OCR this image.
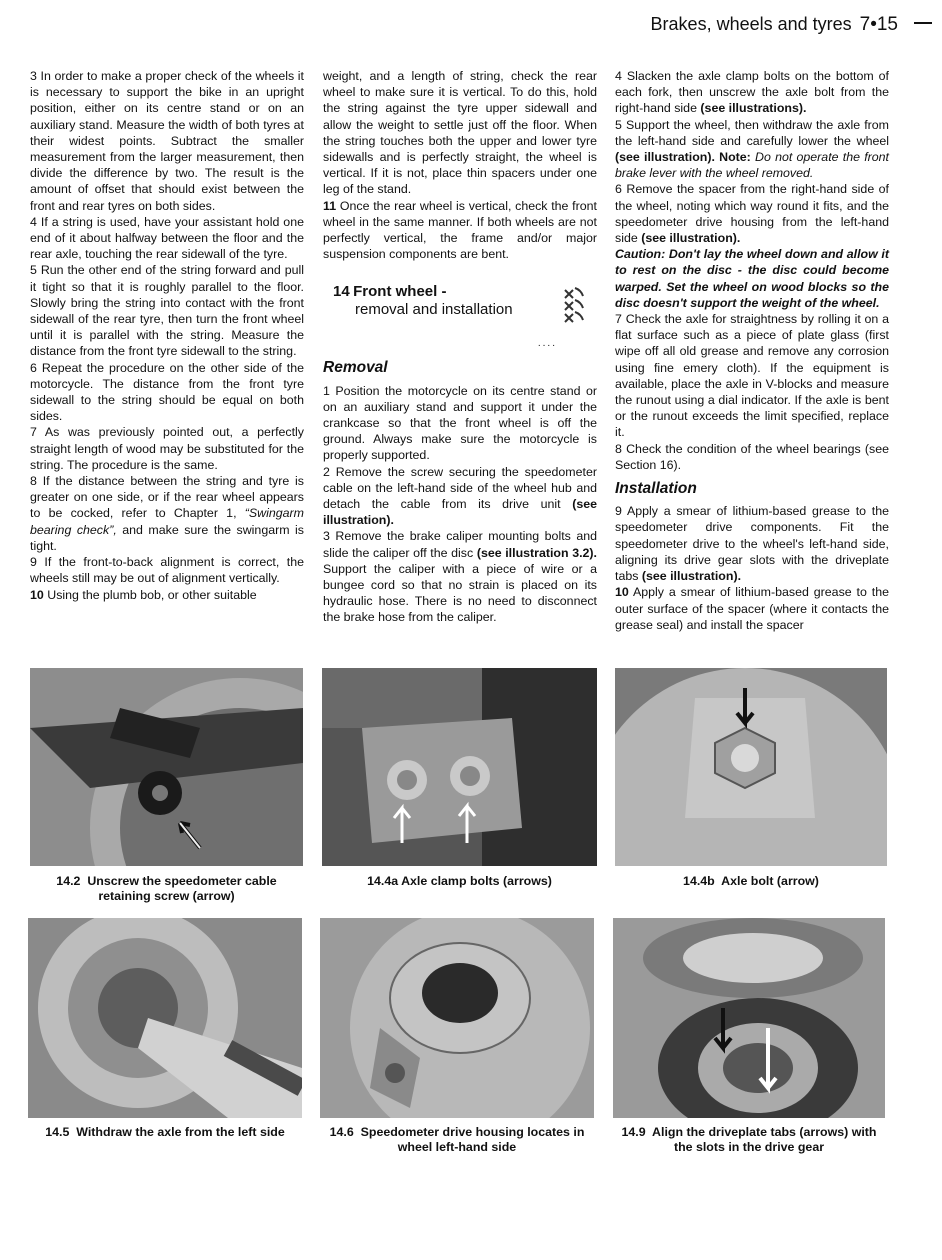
Brakes, wheels and tyres 7•15

3 In order to make a proper check of the wheels it is necessary to support the bike in an upright position, either on its centre stand or on an auxiliary stand. Measure the width of both tyres at their widest points. Subtract the smaller measurement from the larger measurement, then divide the difference by two. The result is the amount of offset that should exist between the front and rear tyres on both sides.

4 If a string is used, have your assistant hold one end of it about halfway between the floor and the rear axle, touching the rear sidewall of the tyre.

5 Run the other end of the string forward and pull it tight so that it is roughly parallel to the floor. Slowly bring the string into contact with the front sidewall of the rear tyre, then turn the front wheel until it is parallel with the string. Measure the distance from the front tyre sidewall to the string.

6 Repeat the procedure on the other side of the motorcycle. The distance from the front tyre sidewall to the string should be equal on both sides.

7 As was previously pointed out, a perfectly straight length of wood may be substituted for the string. The procedure is the same.

8 If the distance between the string and tyre is greater on one side, or if the rear wheel appears to be cocked, refer to Chapter 1, “Swingarm bearing check”, and make sure the swingarm is tight.

9 If the front-to-back alignment is correct, the wheels still may be out of alignment vertically.

10 Using the plumb bob, or other suitable

weight, and a length of string, check the rear wheel to make sure it is vertical. To do this, hold the string against the tyre upper sidewall and allow the weight to settle just off the floor. When the string touches both the upper and lower tyre sidewalls and is perfectly straight, the wheel is vertical. If it is not, place thin spacers under one leg of the stand.

11 Once the rear wheel is vertical, check the front wheel in the same manner. If both wheels are not perfectly vertical, the frame and/or major suspension components are bent.

14 Front wheel -
removal and installation
....
Removal

1 Position the motorcycle on its centre stand or on an auxiliary stand and support it under the crankcase so that the front wheel is off the ground. Always make sure the motorcycle is properly supported.

2 Remove the screw securing the speedometer cable on the left-hand side of the wheel hub and detach the cable from its drive unit (see illustration).

3 Remove the brake caliper mounting bolts and slide the caliper off the disc (see illustration 3.2). Support the caliper with a piece of wire or a bungee cord so that no strain is placed on its hydraulic hose. There is no need to disconnect the brake hose from the caliper.

4 Slacken the axle clamp bolts on the bottom of each fork, then unscrew the axle bolt from the right-hand side (see illustrations).

5 Support the wheel, then withdraw the axle from the left-hand side and carefully lower the wheel (see illustration). Note: Do not operate the front brake lever with the wheel removed.

6 Remove the spacer from the right-hand side of the wheel, noting which way round it fits, and the speedometer drive housing from the left-hand side (see illustration).

Caution: Don't lay the wheel down and allow it to rest on the disc - the disc could become warped. Set the wheel on wood blocks so the disc doesn't support the weight of the wheel.

7 Check the axle for straightness by rolling it on a flat surface such as a piece of plate glass (first wipe off all old grease and remove any corrosion using fine emery cloth). If the equipment is available, place the axle in V-blocks and measure the runout using a dial indicator. If the axle is bent or the runout exceeds the limit specified, replace it.

8 Check the condition of the wheel bearings (see Section 16).

Installation

9 Apply a smear of lithium-based grease to the speedometer drive components. Fit the speedometer drive to the wheel's left-hand side, aligning its drive gear slots with the driveplate tabs (see illustration).

10 Apply a smear of lithium-based grease to the outer surface of the spacer (where it contacts the grease seal) and install the spacer

14.2 Unscrew the speedometer cable retaining screw (arrow)
14.4a Axle clamp bolts (arrows)	14.4b Axle bolt (arrow)
14.5 Withdraw the axle from the left side	14.6 Speedometer drive housing locates in wheel left-hand side
14.9 Align the driveplate tabs (arrows) with the slots in the drive gear
